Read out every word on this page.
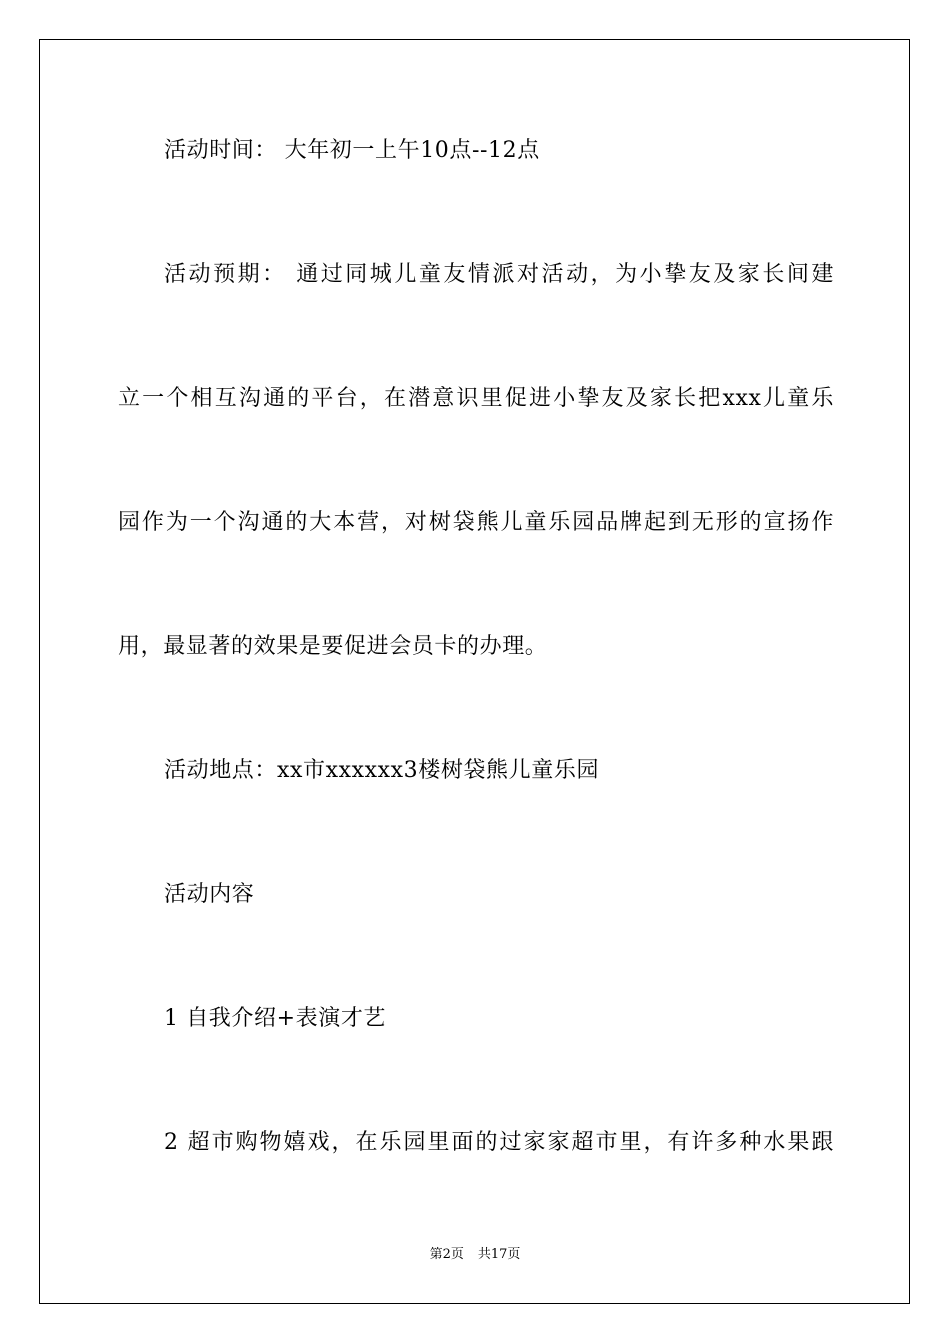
活动时间： 大年初一上午10点--12点
活动预期： 通过同城儿童友情派对活动，为小挚友及家长间建
立一个相互沟通的平台，在潜意识里促进小挚友及家长把xxx儿童乐
园作为一个沟通的大本营，对树袋熊儿童乐园品牌起到无形的宣扬作
用，最显著的效果是要促进会员卡的办理。
活动地点：xx市xxxxxx3楼树袋熊儿童乐园
活动内容
1 自我介绍+表演才艺
2 超市购物嬉戏，在乐园里面的过家家超市里，有许多种水果跟
第2页 共17页
